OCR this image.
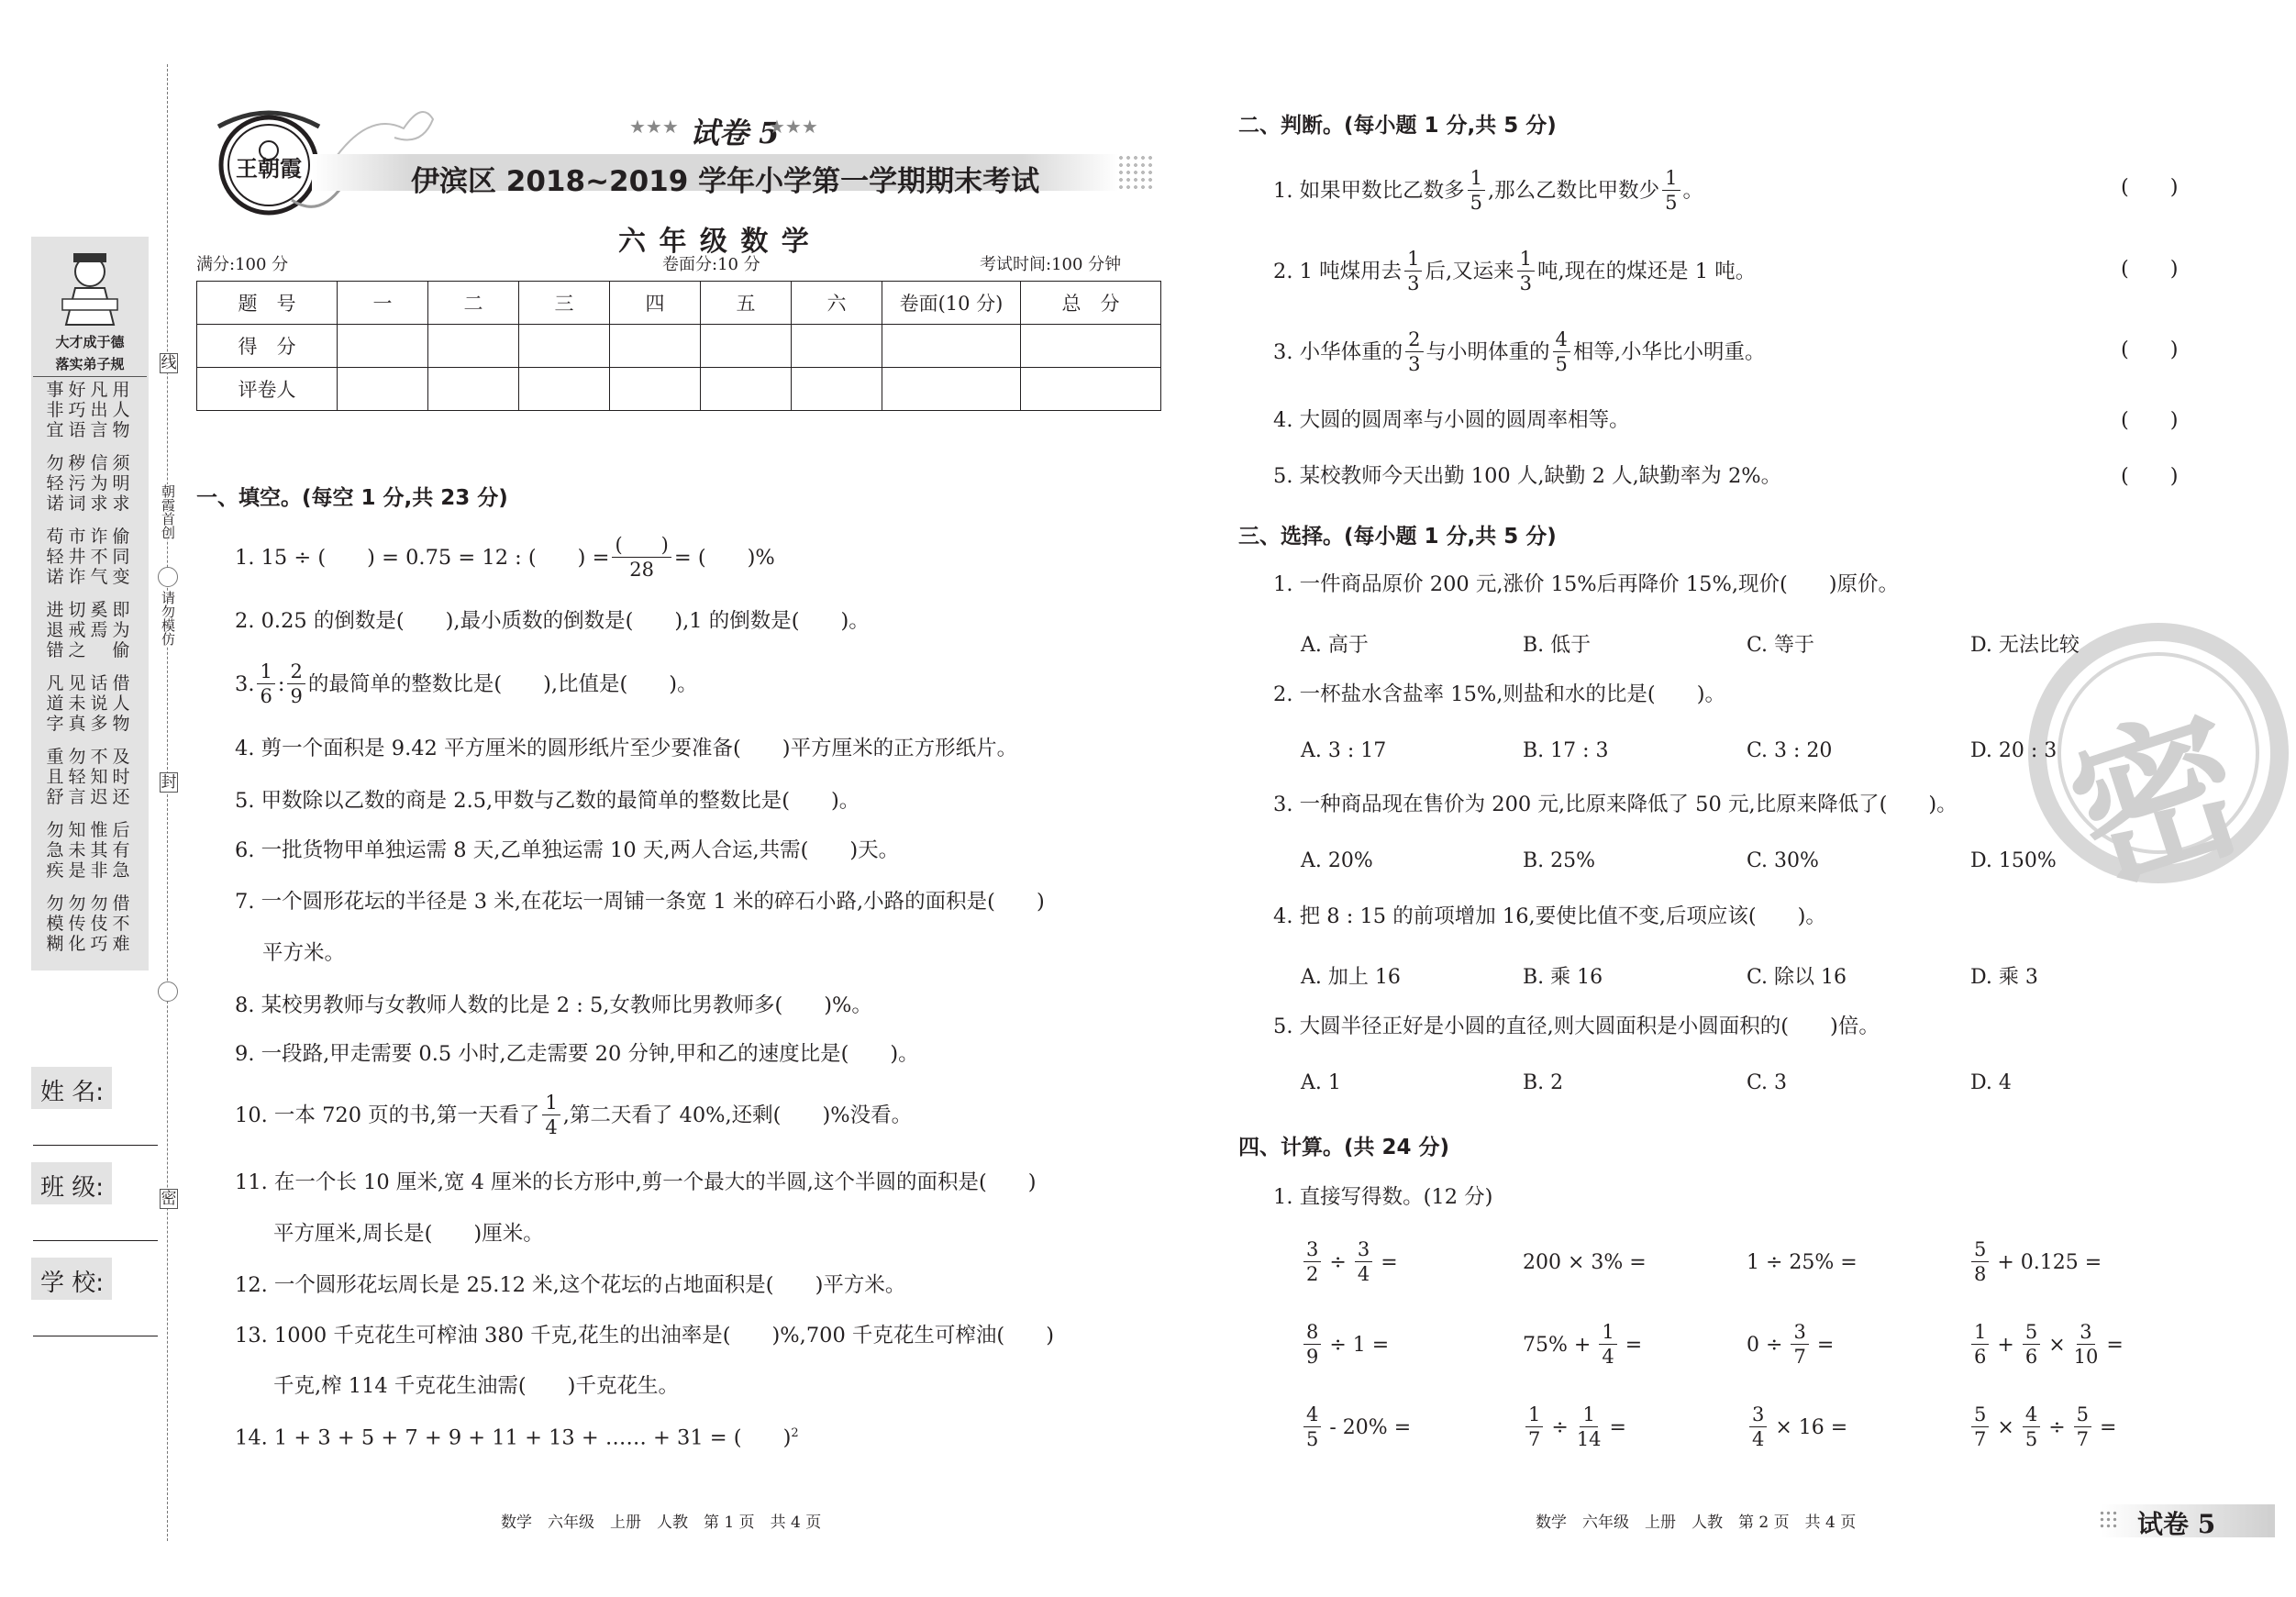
大才成于德
落实弟子规
事非宜
好巧语
凡出言
用人物
勿轻诺
秽污词
信为求
须明求
苟轻诺
市井诈
诈不气
偷同变
进退错
切戒之
奚焉
即为偷
凡道字
见未真
话说多
借人物
重且舒
勿轻言
不知迟
及时还
勿急疾
知未是
惟其非
后有急
勿模糊
勿传化
勿伎巧
借不难
线
朝霞首创
请勿模仿
封
密
姓 名:
班 级:
学 校:
王朝霞
★★★ 试卷 5
★★★
伊滨区 2018~2019 学年小学第一学期期末考试
六 年 级 数 学
满分:100 分	卷面分:10 分	考试时间:100 分钟
题　号	一	二	三	四	五	六	卷面(10 分)	总　分
得　分								
评卷人								
一、填空。(每空 1 分,共 23 分)
1. 15 ÷ (　　) = 0.75 = 12 : (　　) = $\frac{( )}{28}$ = (　　)%
2. 0.25 的倒数是(　　),最小质数的倒数是(　　),1 的倒数是(　　)。
3. $\frac{1}{6}$ : $\frac{2}{9}$ 的最简单的整数比是(　　),比值是(　　)。
4. 剪一个面积是 9.42 平方厘米的圆形纸片至少要准备(　　)平方厘米的正方形纸片。
5. 甲数除以乙数的商是 2.5,甲数与乙数的最简单的整数比是(　　)。
6. 一批货物甲单独运需 8 天,乙单独运需 10 天,两人合运,共需(　　)天。
7. 一个圆形花坛的半径是 3 米,在花坛一周铺一条宽 1 米的碎石小路,小路的面积是(　　)
平方米。
8. 某校男教师与女教师人数的比是 2 : 5,女教师比男教师多(　　)%。
9. 一段路,甲走需要 0.5 小时,乙走需要 20 分钟,甲和乙的速度比是(　　)。
10. 一本 720 页的书,第一天看了 $\frac{1}{4}$ ,第二天看了 40%,还剩(　　)%没看。
11. 在一个长 10 厘米,宽 4 厘米的长方形中,剪一个最大的半圆,这个半圆的面积是(　　)
平方厘米,周长是(　　)厘米。
12. 一个圆形花坛周长是 25.12 米,这个花坛的占地面积是(　　)平方米。
13. 1000 千克花生可榨油 380 千克,花生的出油率是(　　)%,700 千克花生可榨油(　　)
千克,榨 114 千克花生油需(　　)千克花生。
14. 1 + 3 + 5 + 7 + 9 + 11 + 13 + …… + 31 = (　　)$^2$
数学　六年级　上册　人教　第 1 页　共 4 页
密
二、判断。(每小题 1 分,共 5 分)
1. 如果甲数比乙数多 $\frac{1}{5}$ ,那么乙数比甲数少 $\frac{1}{5}$ 。	(　　)
2. 1 吨煤用去 $\frac{1}{3}$ 后,又运来 $\frac{1}{3}$ 吨,现在的煤还是 1 吨。	(　　)
3. 小华体重的 $\frac{2}{3}$ 与小明体重的 $\frac{4}{5}$ 相等,小华比小明重。	(　　)
4. 大圆的圆周率与小圆的圆周率相等。	(　　)
5. 某校教师今天出勤 100 人,缺勤 2 人,缺勤率为 2%。	(　　)
三、选择。(每小题 1 分,共 5 分)
1. 一件商品原价 200 元,涨价 15%后再降价 15%,现价(　　)原价。
A. 高于	B. 低于	C. 等于	D. 无法比较
2. 一杯盐水含盐率 15%,则盐和水的比是(　　)。
A. 3 : 17	B. 17 : 3	C. 3 : 20	D. 20 : 3
3. 一种商品现在售价为 200 元,比原来降低了 50 元,比原来降低了(　　)。
A. 20%	B. 25%	C. 30%	D. 150%
4. 把 8 : 15 的前项增加 16,要使比值不变,后项应该(　　)。
A. 加上 16	B. 乘 16	C. 除以 16	D. 乘 3
5. 大圆半径正好是小圆的直径,则大圆面积是小圆面积的(　　)倍。
A. 1	B. 2	C. 3	D. 4
四、计算。(共 24 分)
1. 直接写得数。(12 分)
$\frac{3}{2} \div \frac{3}{4}$ =	200 × 3% =	1 ÷ 25% =	$\frac{5}{8} + 0.125$ =
$\frac{8}{9} \div 1$ =	$75\% + \frac{1}{4}$ =	$0 \div \frac{3}{7}$ =	$\frac{1}{6} + \frac{5}{6} \times \frac{3}{10}$ =
$\frac{4}{5} - 20\%$ =	$\frac{1}{7} \div \frac{1}{14}$ =	$\frac{3}{4} \times 16$ =	$\frac{5}{7} \times \frac{4}{5} \div \frac{5}{7}$ =
数学　六年级　上册　人教　第 2 页　共 4 页	试卷 5
